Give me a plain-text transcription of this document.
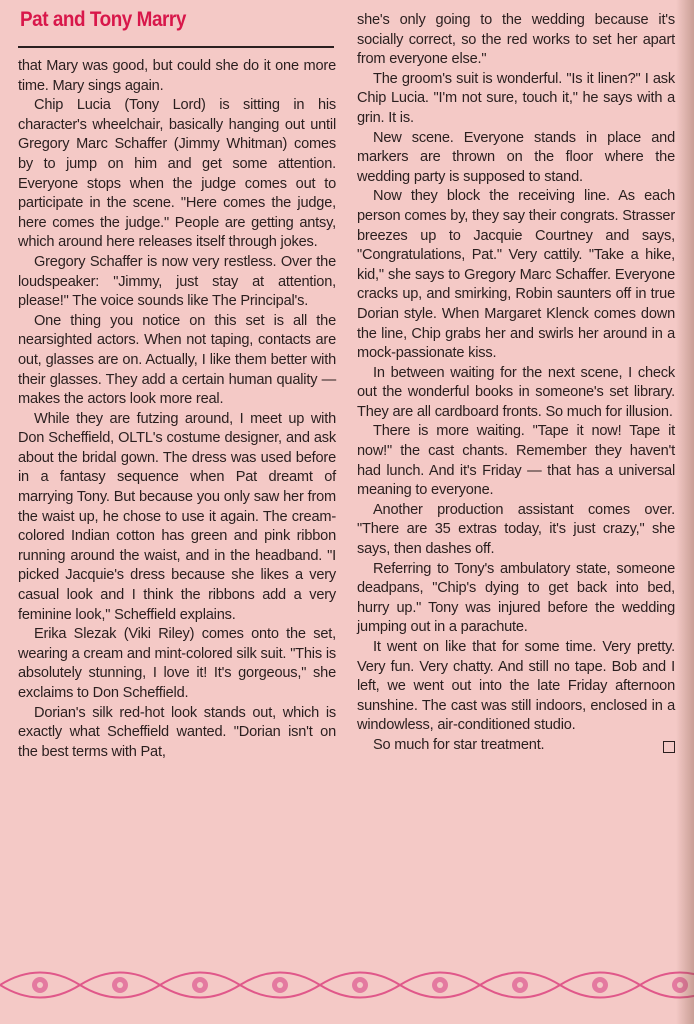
Pat and Tony Marry

that Mary was good, but could she do it one more time. Mary sings again.

Chip Lucia (Tony Lord) is sitting in his character's wheelchair, basically hanging out until Gregory Marc Schaffer (Jimmy Whitman) comes by to jump on him and get some attention. Everyone stops when the judge comes out to participate in the scene. "Here comes the judge, here comes the judge." People are getting antsy, which around here releases itself through jokes.

Gregory Schaffer is now very restless. Over the loudspeaker: "Jimmy, just stay at attention, please!" The voice sounds like The Principal's.

One thing you notice on this set is all the nearsighted actors. When not taping, contacts are out, glasses are on. Actually, I like them better with their glasses. They add a certain human quality — makes the actors look more real.

While they are futzing around, I meet up with Don Scheffield, OLTL's costume designer, and ask about the bridal gown. The dress was used before in a fantasy sequence when Pat dreamt of marrying Tony. But because you only saw her from the waist up, he chose to use it again. The cream-colored Indian cotton has green and pink ribbon running around the waist, and in the headband. "I picked Jacquie's dress because she likes a very casual look and I think the ribbons add a very feminine look," Scheffield explains.

Erika Slezak (Viki Riley) comes onto the set, wearing a cream and mint-colored silk suit. "This is absolutely stunning, I love it! It's gorgeous," she exclaims to Don Scheffield.

Dorian's silk red-hot look stands out, which is exactly what Scheffield wanted. "Dorian isn't on the best terms with Pat,

she's only going to the wedding because it's socially correct, so the red works to set her apart from everyone else."

The groom's suit is wonderful. "Is it linen?" I ask Chip Lucia. "I'm not sure, touch it," he says with a grin. It is.

New scene. Everyone stands in place and markers are thrown on the floor where the wedding party is supposed to stand.

Now they block the receiving line. As each person comes by, they say their congrats. Strasser breezes up to Jacquie Courtney and says, "Congratulations, Pat." Very cattily. "Take a hike, kid," she says to Gregory Marc Schaffer. Everyone cracks up, and smirking, Robin saunters off in true Dorian style. When Margaret Klenck comes down the line, Chip grabs her and swirls her around in a mock-passionate kiss.

In between waiting for the next scene, I check out the wonderful books in someone's set library. They are all cardboard fronts. So much for illusion.

There is more waiting. "Tape it now! Tape it now!" the cast chants. Remember they haven't had lunch. And it's Friday — that has a universal meaning to everyone.

Another production assistant comes over. "There are 35 extras today, it's just crazy," she says, then dashes off.

Referring to Tony's ambulatory state, someone deadpans, "Chip's dying to get back into bed, hurry up." Tony was injured before the wedding jumping out in a parachute.

It went on like that for some time. Very pretty. Very fun. Very chatty. And still no tape. Bob and I left, we went out into the late Friday afternoon sunshine. The cast was still indoors, enclosed in a windowless, air-conditioned studio.

So much for star treatment.
